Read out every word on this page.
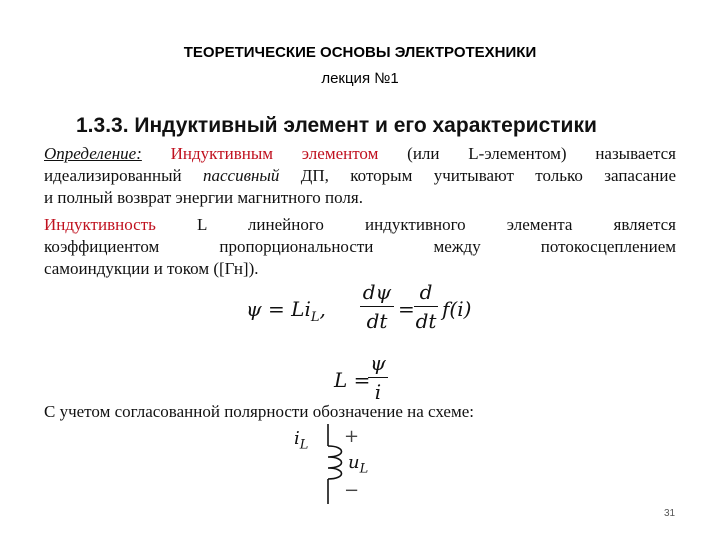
ТЕОРЕТИЧЕСКИЕ ОСНОВЫ ЭЛЕКТРОТЕХНИКИ
лекция №1
1.3.3. Индуктивный элемент и его характеристики
Определение: Индуктивным элементом (или L-элементом) называется
идеализированный пассивный ДП, которым учитывают только запасание
и полный возврат энергии магнитного поля.
Индуктивность L линейного индуктивного элемента является
коэффициентом пропорциональности между потокосцеплением
самоиндукции и током ([Гн]).
$\psi = Li_L$,
dψ
dt =
d
dt f(i)
L =
ψ
i
С учетом согласованной полярности обозначение на схеме:
$i_L$ +
$u_L$
−
31
